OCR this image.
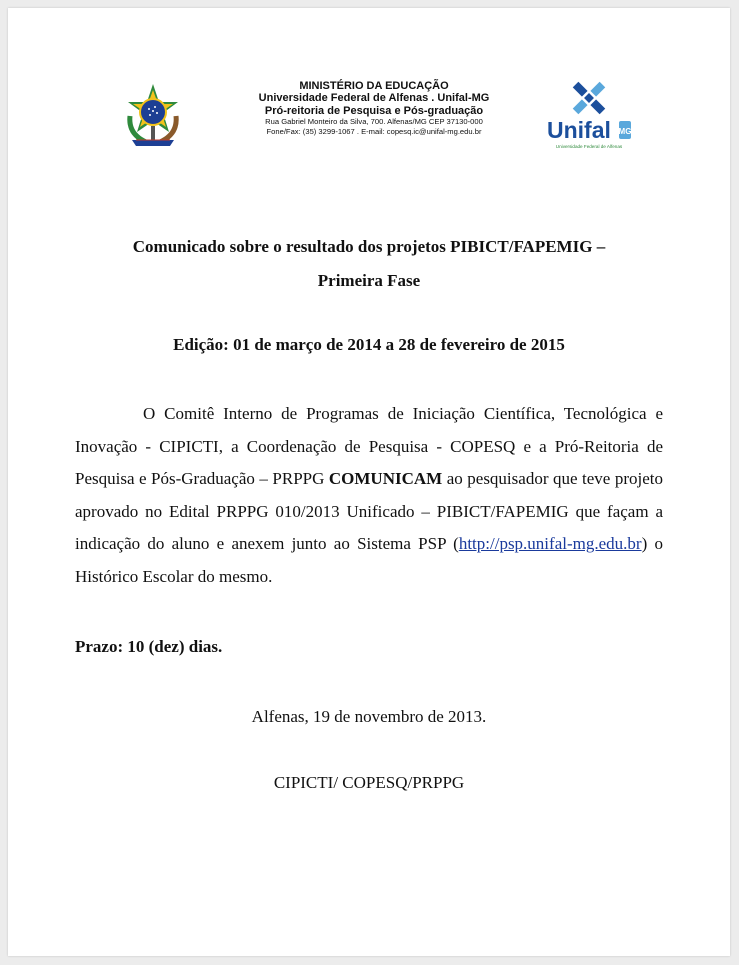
MINISTÉRIO DA EDUCAÇÃO
Universidade Federal de Alfenas . Unifal-MG
Pró-reitoria de Pesquisa e Pós-graduação
Rua Gabriel Monteiro da Silva, 700. Alfenas/MG CEP 37130-000
Fone/Fax: (35) 3299-1067 . E-mail: copesq.ic@unifal-mg.edu.br	Unifal MG
Universidade Federal de Alfenas
Comunicado sobre o resultado dos projetos PIBICT/FAPEMIG –
Primeira Fase
Edição: 01 de março de 2014 a 28 de fevereiro de 2015

O Comitê Interno de Programas de Iniciação Científica, Tecnológica e Inovação - CIPICTI, a Coordenação de Pesquisa - COPESQ e a Pró-Reitoria de Pesquisa e Pós-Graduação – PRPPG COMUNICAM ao pesquisador que teve projeto aprovado no Edital PRPPG 010/2013 Unificado – PIBICT/FAPEMIG que façam a indicação do aluno e anexem junto ao Sistema PSP (http://psp.unifal-mg.edu.br) o Histórico Escolar do mesmo.

Prazo: 10 (dez) dias.
Alfenas, 19 de novembro de 2013.
CIPICTI/ COPESQ/PRPPG
